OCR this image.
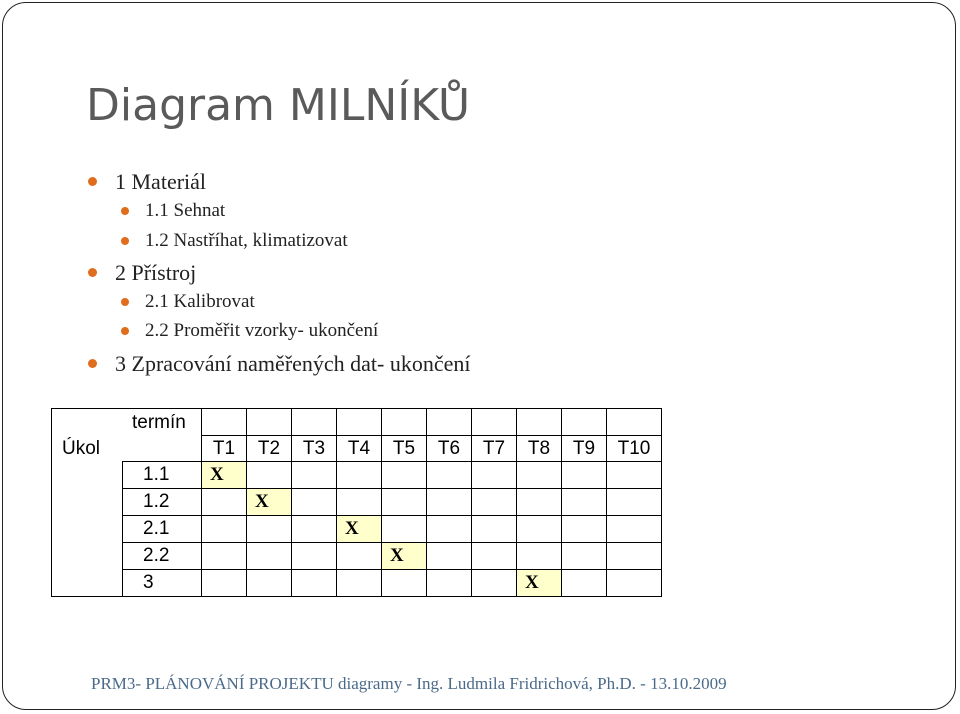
Diagram MILNÍKŮ
1 Materiál
1.1 Sehnat
1.2 Nastříhat, klimatizovat
2 Přístroj
2.1 Kalibrovat
2.2 Proměřit vzorky- ukončení
3 Zpracování naměřených dat- ukončení
termín
Úkol											

		T1	T2	T3	T4	T5	T6	T7	T8	T9	T10
	1.1	X									
	1.2		X								
	2.1				X						
	2.2					X					
	3								X		
PRM3- PLÁNOVÁNÍ PROJEKTU diagramy - Ing. Ludmila Fridrichová, Ph.D. - 13.10.2009
